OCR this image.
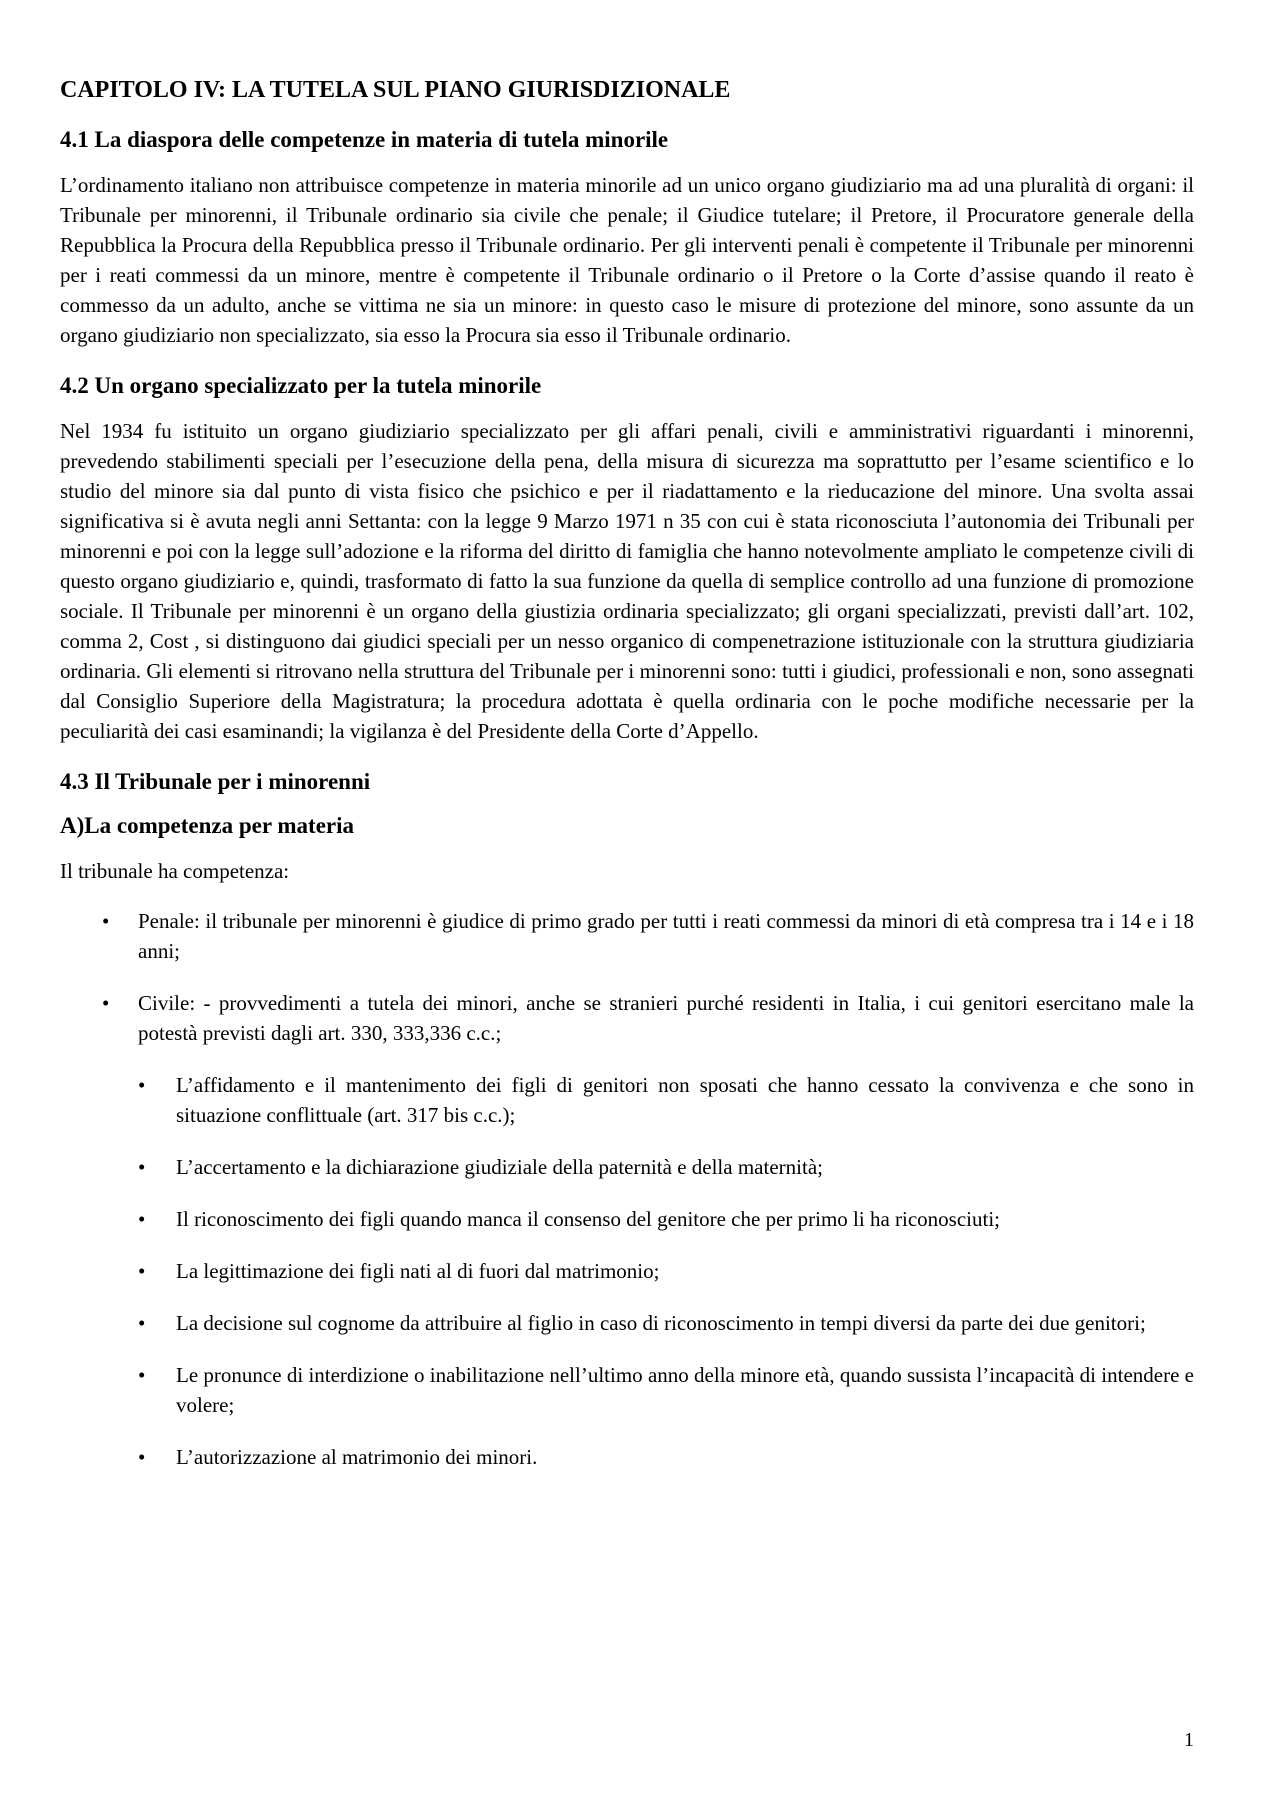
CAPITOLO IV: LA TUTELA SUL PIANO GIURISDIZIONALE
4.1 La diaspora delle competenze in materia di tutela minorile

L’ordinamento italiano non attribuisce competenze in materia minorile ad un unico organo giudiziario ma ad una pluralità di organi: il Tribunale per minorenni, il Tribunale ordinario sia civile che penale; il Giudice tutelare; il Pretore, il Procuratore generale della Repubblica la Procura della Repubblica presso il Tribunale ordinario. Per gli interventi penali è competente il Tribunale per minorenni per i reati commessi da un minore, mentre è competente il Tribunale ordinario o il Pretore o la Corte d’assise quando il reato è commesso da un adulto, anche se vittima ne sia un minore: in questo caso le misure di protezione del minore, sono assunte da un organo giudiziario non specializzato, sia esso la Procura sia esso il Tribunale ordinario.

4.2 Un organo specializzato per la tutela minorile

Nel 1934 fu istituito un organo giudiziario specializzato per gli affari penali, civili e amministrativi riguardanti i minorenni, prevedendo stabilimenti speciali per l’esecuzione della pena, della misura di sicurezza ma soprattutto per l’esame scientifico e lo studio del minore sia dal punto di vista fisico che psichico e per il riadattamento e la rieducazione del minore. Una svolta assai significativa si è avuta negli anni Settanta: con la legge 9 Marzo 1971 n 35 con cui è stata riconosciuta l’autonomia dei Tribunali per minorenni e poi con la legge sull’adozione e la riforma del diritto di famiglia che hanno notevolmente ampliato le competenze civili di questo organo giudiziario e, quindi, trasformato di fatto la sua funzione da quella di semplice controllo ad una funzione di promozione sociale. Il Tribunale per minorenni è un organo della giustizia ordinaria specializzato; gli organi specializzati, previsti dall’art. 102, comma 2, Cost , si distinguono dai giudici speciali per un nesso organico di compenetrazione istituzionale con la struttura giudiziaria ordinaria. Gli elementi si ritrovano nella struttura del Tribunale per i minorenni sono: tutti i giudici, professionali e non, sono assegnati dal Consiglio Superiore della Magistratura; la procedura adottata è quella ordinaria con le poche modifiche necessarie per la peculiarità dei casi esaminandi; la vigilanza è del Presidente della Corte d’Appello.

4.3 Il Tribunale per i minorenni
A)La competenza per materia

Il tribunale ha competenza:

• Penale: il tribunale per minorenni è giudice di primo grado per tutti i reati commessi da minori di età compresa tra i 14 e i 18 anni;
• Civile: - provvedimenti a tutela dei minori, anche se stranieri purché residenti in Italia, i cui genitori esercitano male la potestà previsti dagli art. 330, 333,336 c.c.;
• L’affidamento e il mantenimento dei figli di genitori non sposati che hanno cessato la convivenza e che sono in situazione conflittuale (art. 317 bis c.c.);
• L’accertamento e la dichiarazione giudiziale della paternità e della maternità;
• Il riconoscimento dei figli quando manca il consenso del genitore che per primo li ha riconosciuti;
• La legittimazione dei figli nati al di fuori dal matrimonio;
• La decisione sul cognome da attribuire al figlio in caso di riconoscimento in tempi diversi da parte dei due genitori;
• Le pronunce di interdizione o inabilitazione nell’ultimo anno della minore età, quando sussista l’incapacità di intendere e volere;
• L’autorizzazione al matrimonio dei minori.
1
